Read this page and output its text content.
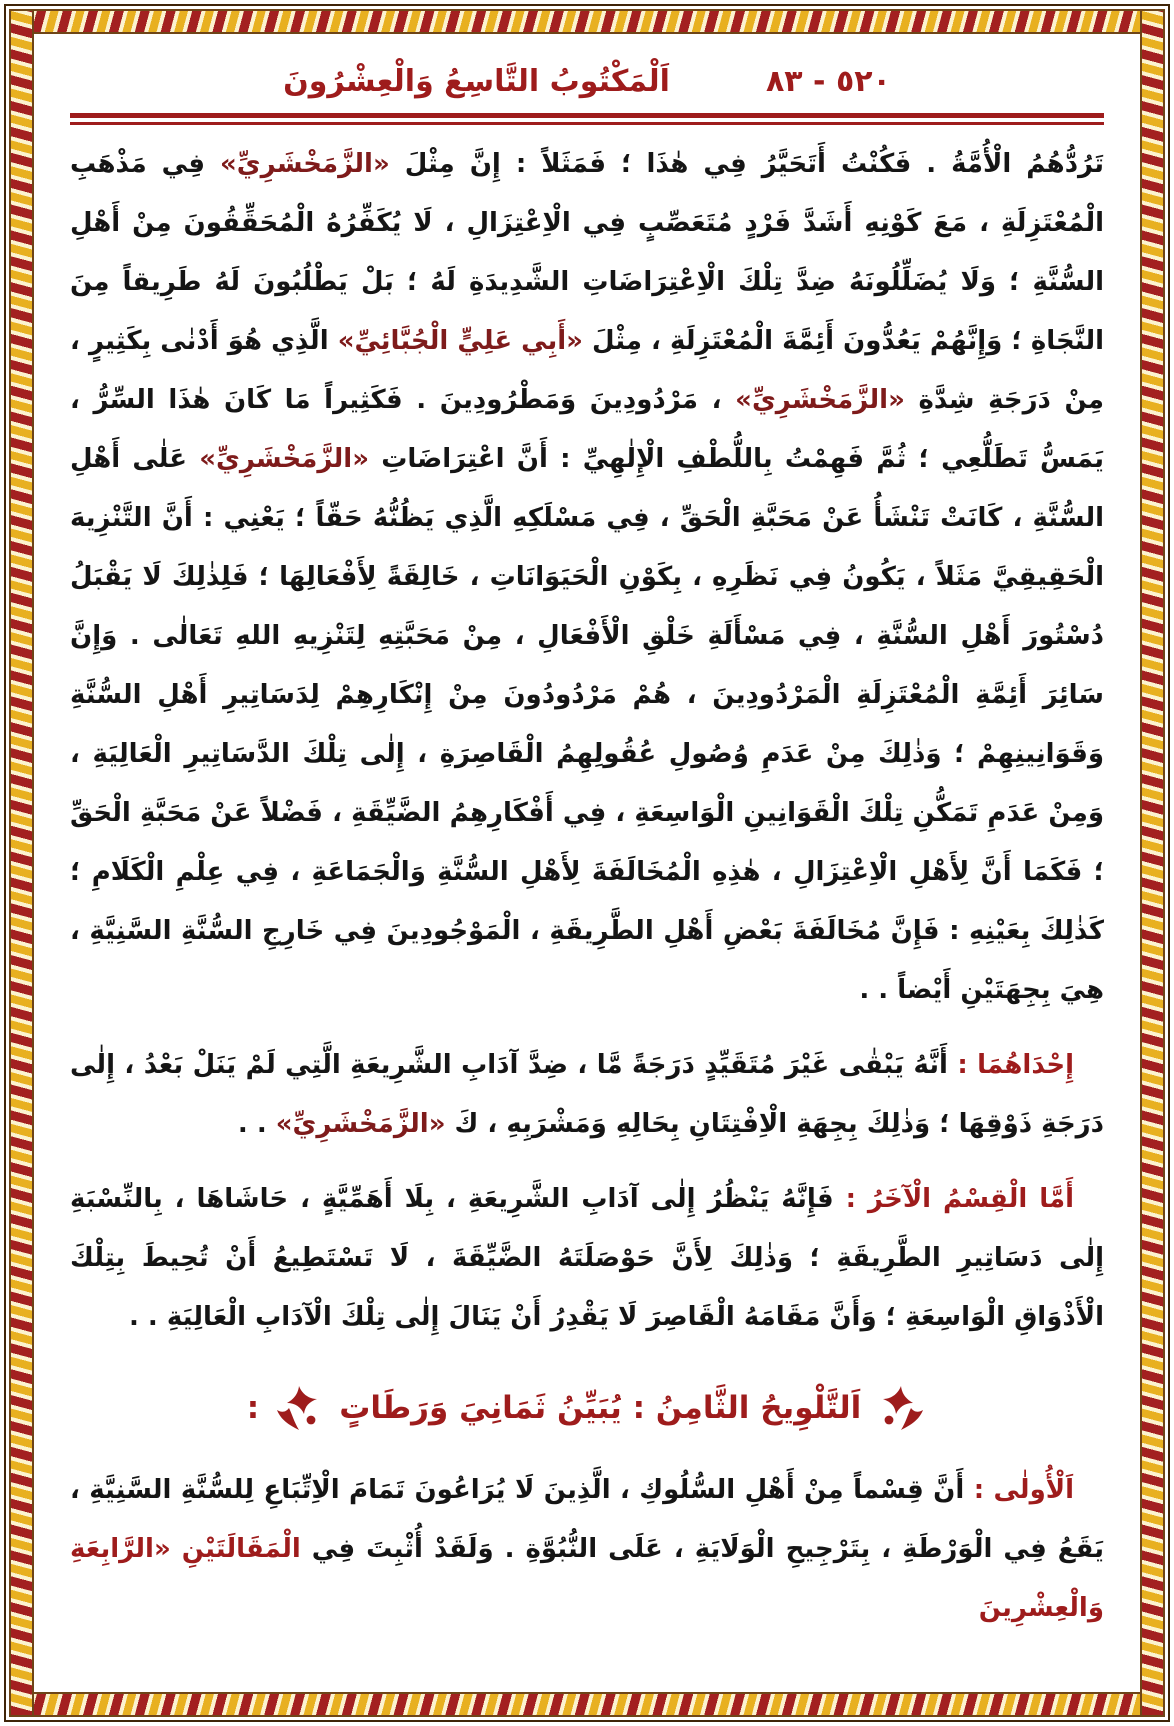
٥٢٠ - ٨٣
اَلْمَكْتُوبُ التَّاسِعُ وَالْعِشْرُونَ

تَرُدُّهُمُ الْأُمَّةُ . فَكُنْتُ أَتَحَيَّرُ فِي هٰذَا ؛ فَمَثَلاً : إِنَّ مِثْلَ «الزَّمَخْشَرِيِّ» فِي مَذْهَبِ الْمُعْتَزِلَةِ ، مَعَ كَوْنِهِ أَشَدَّ فَرْدٍ مُتَعَصِّبٍ فِي الْاِعْتِزَالِ ، لَا يُكَفِّرُهُ الْمُحَقِّقُونَ مِنْ أَهْلِ السُّنَّةِ ؛ وَلَا يُضَلِّلُونَهُ ضِدَّ تِلْكَ الْاِعْتِرَاضَاتِ الشَّدِيدَةِ لَهُ ؛ بَلْ يَطْلُبُونَ لَهُ طَرِيقاً مِنَ النَّجَاةِ ؛ وَإِنَّهُمْ يَعُدُّونَ أَئِمَّةَ الْمُعْتَزِلَةِ ، مِثْلَ «أَبِي عَلِيٍّ الْجُبَّائِيِّ» الَّذِي هُوَ أَدْنٰى بِكَثِيرٍ ، مِنْ دَرَجَةِ شِدَّةِ «الزَّمَخْشَرِيِّ» ، مَرْدُودِينَ وَمَطْرُودِينَ . فَكَثِيراً مَا كَانَ هٰذَا السِّرُّ ، يَمَسُّ تَطَلُّعِي ؛ ثُمَّ فَهِمْتُ بِاللُّطْفِ الْإِلٰهِيِّ : أَنَّ اعْتِرَاضَاتِ «الزَّمَخْشَرِيِّ» عَلٰى أَهْلِ السُّنَّةِ ، كَانَتْ تَنْشَأُ عَنْ مَحَبَّةِ الْحَقِّ ، فِي مَسْلَكِهِ الَّذِي يَظُنُّهُ حَقّاً ؛ يَعْنِي : أَنَّ التَّنْزِيهَ الْحَقِيقِيَّ مَثَلاً ، يَكُونُ فِي نَظَرِهِ ، بِكَوْنِ الْحَيَوَانَاتِ ، خَالِقَةً لِأَفْعَالِهَا ؛ فَلِذٰلِكَ لَا يَقْبَلُ دُسْتُورَ أَهْلِ السُّنَّةِ ، فِي مَسْأَلَةِ خَلْقِ الْأَفْعَالِ ، مِنْ مَحَبَّتِهِ لِتَنْزِيهِ اللهِ تَعَالٰى . وَإِنَّ سَائِرَ أَئِمَّةِ الْمُعْتَزِلَةِ الْمَرْدُودِينَ ، هُمْ مَرْدُودُونَ مِنْ إِنْكَارِهِمْ لِدَسَاتِيرِ أَهْلِ السُّنَّةِ وَقَوَانِينِهِمْ ؛ وَذٰلِكَ مِنْ عَدَمِ وُصُولِ عُقُولِهِمُ الْقَاصِرَةِ ، إِلٰى تِلْكَ الدَّسَاتِيرِ الْعَالِيَةِ ، وَمِنْ عَدَمِ تَمَكُّنِ تِلْكَ الْقَوَانِينِ الْوَاسِعَةِ ، فِي أَفْكَارِهِمُ الضَّيِّقَةِ ، فَضْلاً عَنْ مَحَبَّةِ الْحَقِّ ؛ فَكَمَا أَنَّ لِأَهْلِ الْاِعْتِزَالِ ، هٰذِهِ الْمُخَالَفَةَ لِأَهْلِ السُّنَّةِ وَالْجَمَاعَةِ ، فِي عِلْمِ الْكَلَامِ ؛ كَذٰلِكَ بِعَيْنِهِ : فَإِنَّ مُخَالَفَةَ بَعْضِ أَهْلِ الطَّرِيقَةِ ، الْمَوْجُودِينَ فِي خَارِجِ السُّنَّةِ السَّنِيَّةِ ، هِيَ بِجِهَتَيْنِ أَيْضاً . .

إِحْدَاهُمَا : أَنَّهُ يَبْقٰى غَيْرَ مُتَقَيِّدٍ دَرَجَةً مَّا ، ضِدَّ آدَابِ الشَّرِيعَةِ الَّتِي لَمْ يَنَلْ بَعْدُ ، إِلٰى دَرَجَةِ ذَوْقِهَا ؛ وَذٰلِكَ بِجِهَةِ الْاِفْتِتَانِ بِحَالِهِ وَمَشْرَبِهِ ، كَ «الزَّمَخْشَرِيِّ» . .

أَمَّا الْقِسْمُ الْآخَرُ : فَإِنَّهُ يَنْظُرُ إِلٰى آدَابِ الشَّرِيعَةِ ، بِلَا أَهَمِّيَّةٍ ، حَاشَاهَا ، بِالنِّسْبَةِ إِلٰى دَسَاتِيرِ الطَّرِيقَةِ ؛ وَذٰلِكَ لِأَنَّ حَوْصَلَتَهُ الضَّيِّقَةَ ، لَا تَسْتَطِيعُ أَنْ تُحِيطَ بِتِلْكَ الْأَذْوَاقِ الْوَاسِعَةِ ؛ وَأَنَّ مَقَامَهُ الْقَاصِرَ لَا يَقْدِرُ أَنْ يَنَالَ إِلٰى تِلْكَ الْآدَابِ الْعَالِيَةِ . .

اَلتَّلْوِيحُ الثَّامِنُ : يُبَيِّنُ ثَمَانِيَ وَرَطَاتٍ
:

اَلْأُولٰى : أَنَّ قِسْماً مِنْ أَهْلِ السُّلُوكِ ، الَّذِينَ لَا يُرَاعُونَ تَمَامَ الْاِتِّبَاعِ لِلسُّنَّةِ السَّنِيَّةِ ، يَقَعُ فِي الْوَرْطَةِ ، بِتَرْجِيحِ الْوَلَايَةِ ، عَلَى النُّبُوَّةِ . وَلَقَدْ أُثْبِتَ فِي الْمَقَالَتَيْنِ «الرَّابِعَةِ وَالْعِشْرِينَ
